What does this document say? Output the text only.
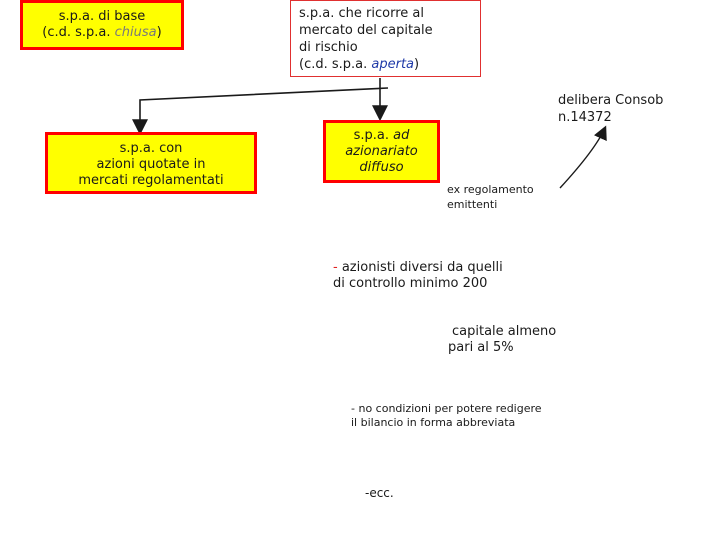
s.p.a. di base
(c.d. s.p.a. chiusa)
s.p.a. che ricorre al
mercato del capitale
di rischio
(c.d. s.p.a. aperta)
s.p.a. con
azioni quotate in
mercati regolamentati
s.p.a. ad
azionariato
diffuso
delibera Consob
n.14372
ex regolamento
emittenti
- azionisti diversi da quelli
di controllo minimo 200
capitale almeno
pari al 5%
- no condizioni per potere redigere
il bilancio in forma abbreviata
-ecc.
